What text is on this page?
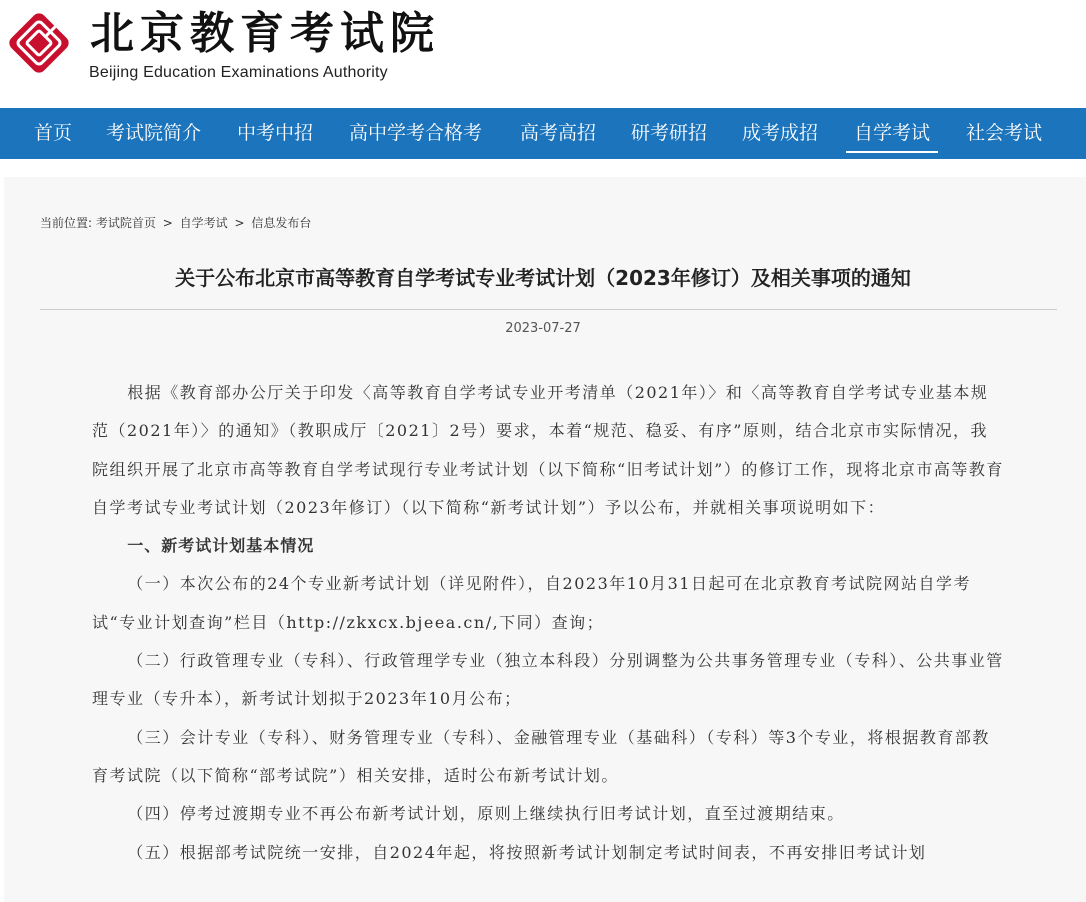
北京教育考试院
Beijing Education Examinations Authority
首页 考试院简介 中考中招 高中学考合格考 高考高招 研考研招 成考成招 自学考试 社会考试
当前位置: 考试院首页 > 自学考试 > 信息发布台
关于公布北京市高等教育自学考试专业考试计划（2023年修订）及相关事项的通知
2023-07-27

根据《教育部办公厅关于印发〈高等教育自学考试专业开考清单（2021年）〉和〈高等教育自学考试专业基本规范（2021年）〉的通知》（教职成厅〔2021〕2号）要求，本着“规范、稳妥、有序”原则，结合北京市实际情况，我院组织开展了北京市高等教育自学考试现行专业考试计划（以下简称“旧考试计划”）的修订工作，现将北京市高等教育自学考试专业考试计划（2023年修订）（以下简称“新考试计划”）予以公布，并就相关事项说明如下：

一、新考试计划基本情况

（一）本次公布的24个专业新考试计划（详见附件），自2023年10月31日起可在北京教育考试院网站自学考试“专业计划查询”栏目（http://zkxcx.bjeea.cn/,下同）查询；

（二）行政管理专业（专科）、行政管理学专业（独立本科段）分别调整为公共事务管理专业（专科）、公共事业管理专业（专升本），新考试计划拟于2023年10月公布；

（三）会计专业（专科）、财务管理专业（专科）、金融管理专业（基础科）（专科）等3个专业，将根据教育部教育考试院（以下简称“部考试院”）相关安排，适时公布新考试计划。

（四）停考过渡期专业不再公布新考试计划，原则上继续执行旧考试计划，直至过渡期结束。

（五）根据部考试院统一安排，自2024年起，将按照新考试计划制定考试时间表，不再安排旧考试计划
